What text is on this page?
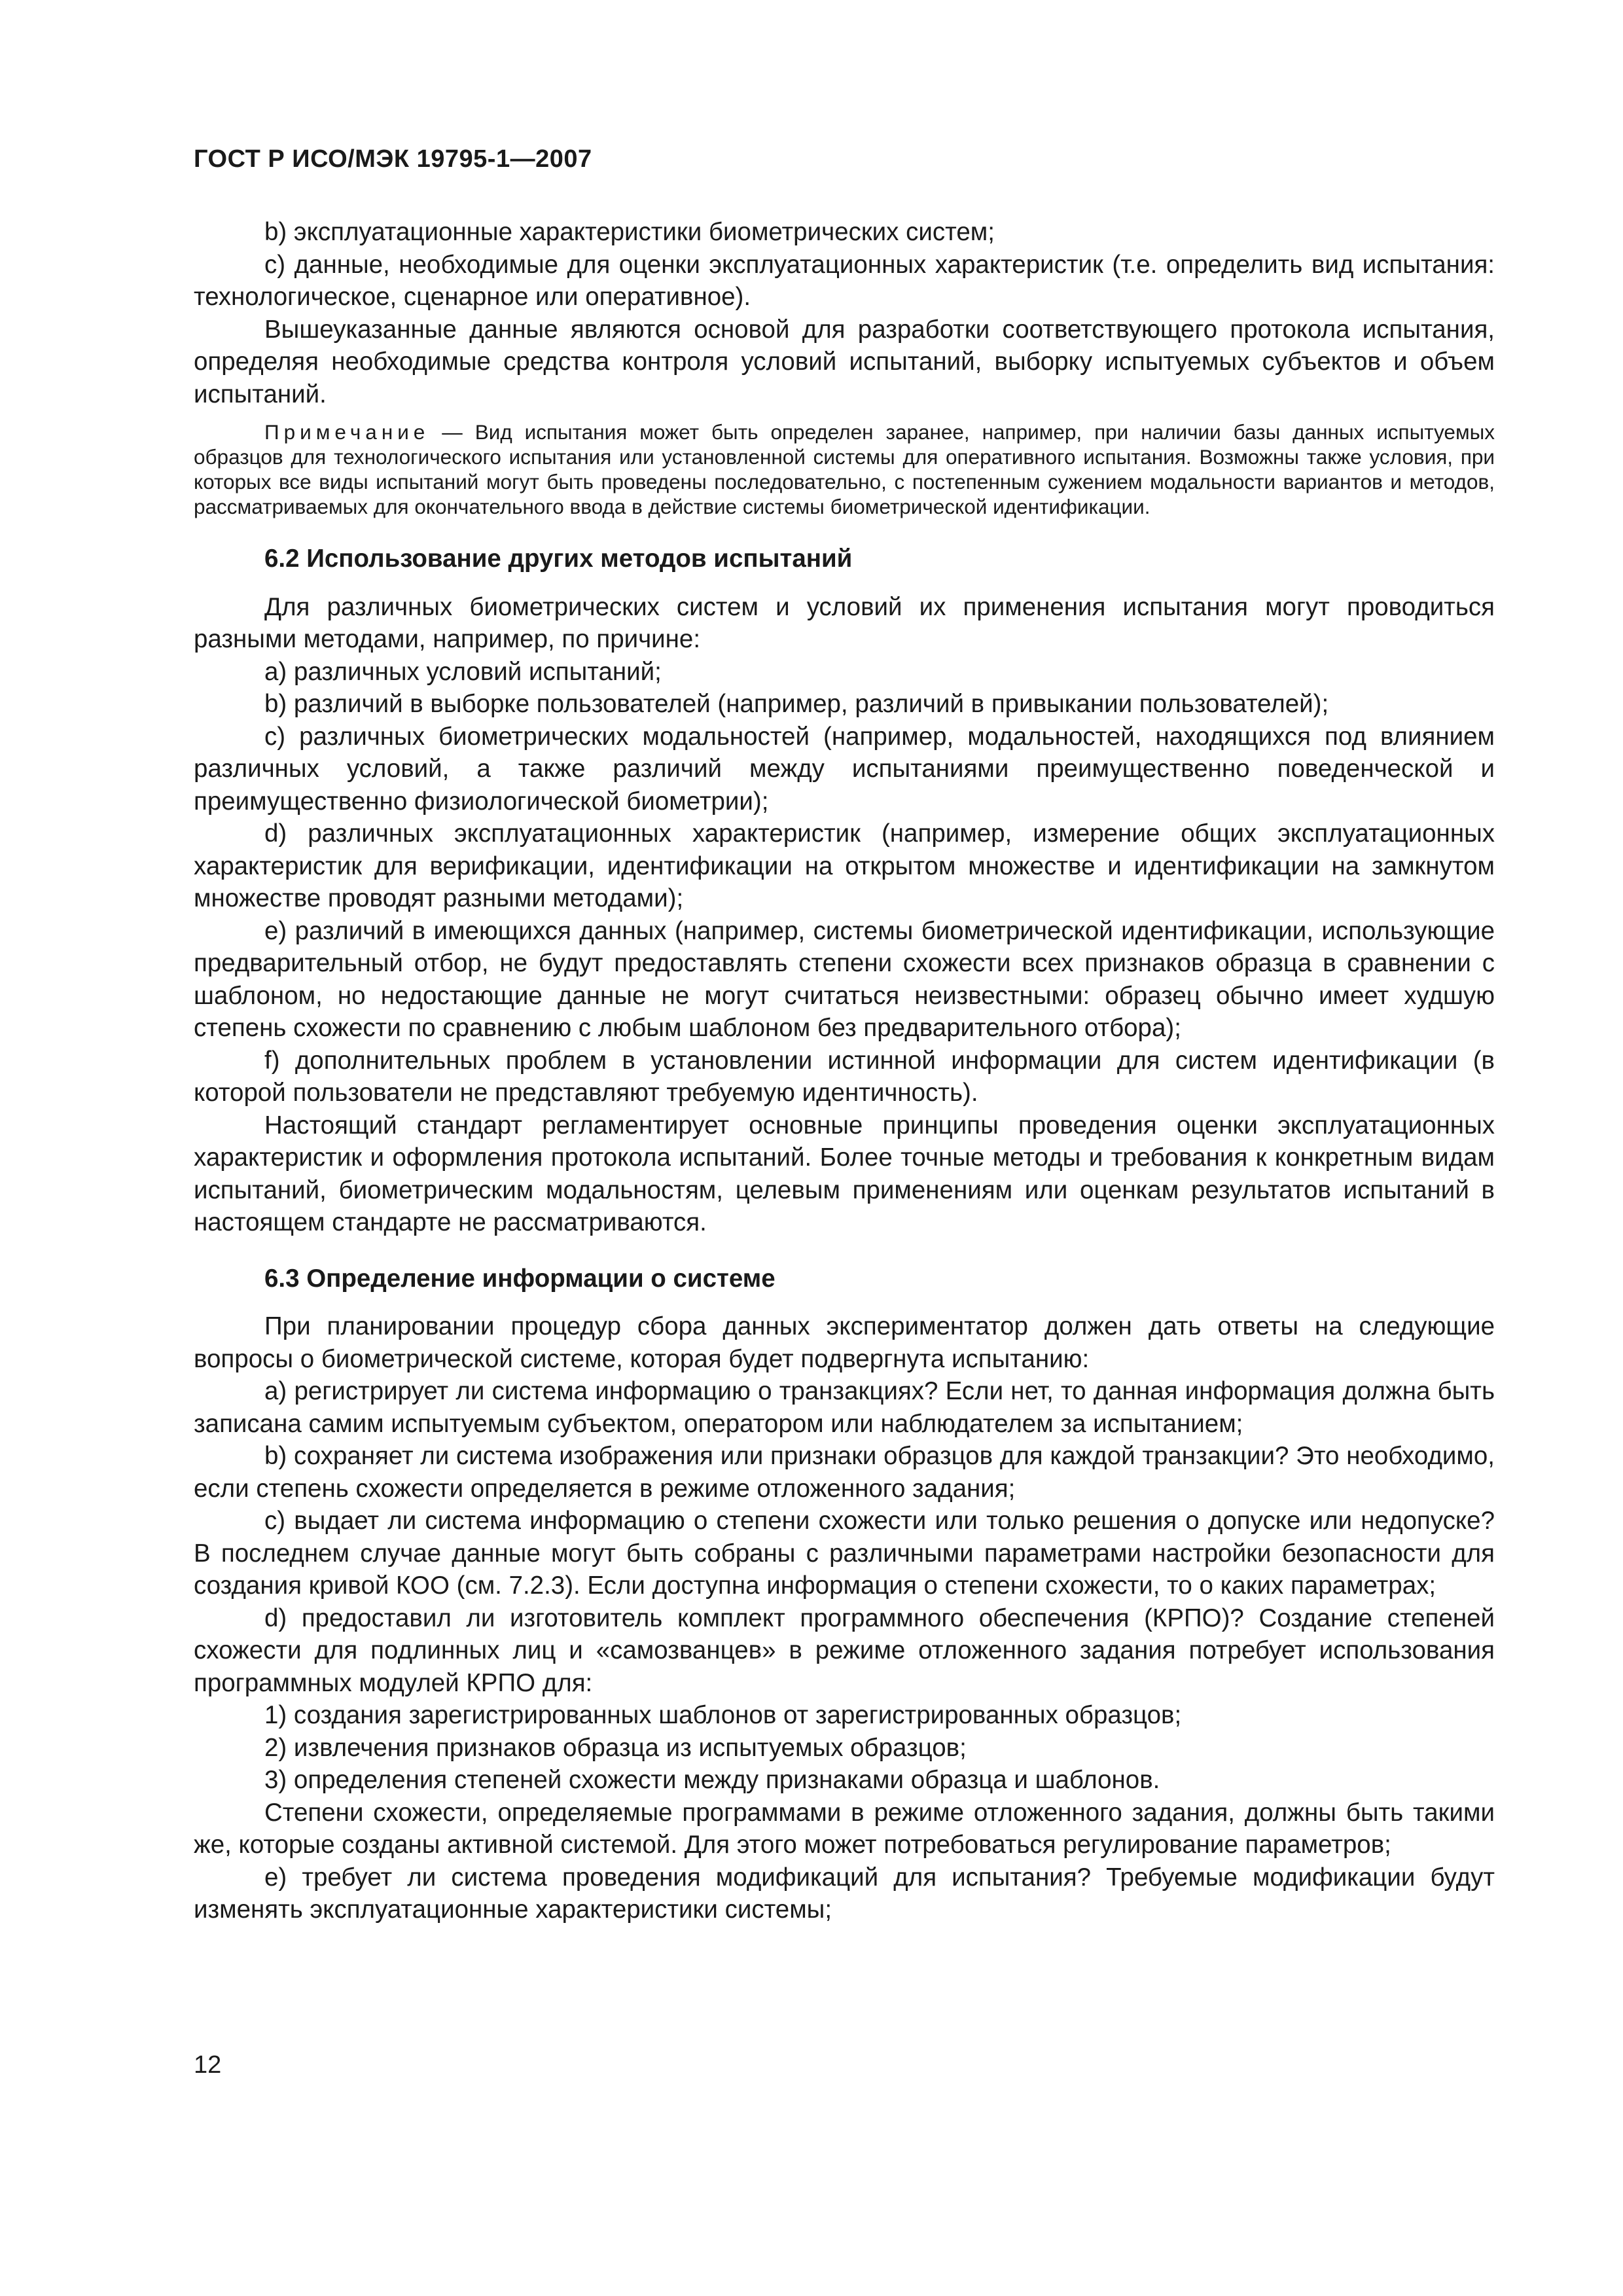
ГОСТ Р ИСО/МЭК 19795-1—2007

b) эксплуатационные характеристики биометрических систем;

с) данные, необходимые для оценки эксплуатационных характеристик (т.е. определить вид испытания: технологическое, сценарное или оперативное).

Вышеуказанные данные являются основой для разработки соответствующего протокола испытания, определяя необходимые средства контроля условий испытаний, выборку испытуемых субъектов и объем испытаний.

Примечание — Вид испытания может быть определен заранее, например, при наличии базы данных испытуемых образцов для технологического испытания или установленной системы для оперативного испытания. Возможны также условия, при которых все виды испытаний могут быть проведены последовательно, с постепенным сужением модальности вариантов и методов, рассматриваемых для окончательного ввода в действие системы биометрической идентификации.

6.2 Использование других методов испытаний

Для различных биометрических систем и условий их применения испытания могут проводиться разными методами, например, по причине:

а) различных условий испытаний;

b) различий в выборке пользователей (например, различий в привыкании пользователей);

с) различных биометрических модальностей (например, модальностей, находящихся под влиянием различных условий, а также различий между испытаниями преимущественно поведенческой и преимущественно физиологической биометрии);

d) различных эксплуатационных характеристик (например, измерение общих эксплуатационных характеристик для верификации, идентификации на открытом множестве и идентификации на замкнутом множестве проводят разными методами);

е) различий в имеющихся данных (например, системы биометрической идентификации, использующие предварительный отбор, не будут предоставлять степени схожести всех признаков образца в сравнении с шаблоном, но недостающие данные не могут считаться неизвестными: образец обычно имеет худшую степень схожести по сравнению с любым шаблоном без предварительного отбора);

f) дополнительных проблем в установлении истинной информации для систем идентификации (в которой пользователи не представляют требуемую идентичность).

Настоящий стандарт регламентирует основные принципы проведения оценки эксплуатационных характеристик и оформления протокола испытаний. Более точные методы и требования к конкретным видам испытаний, биометрическим модальностям, целевым применениям или оценкам результатов испытаний в настоящем стандарте не рассматриваются.

6.3 Определение информации о системе

При планировании процедур сбора данных экспериментатор должен дать ответы на следующие вопросы о биометрической системе, которая будет подвергнута испытанию:

а) регистрирует ли система информацию о транзакциях? Если нет, то данная информация должна быть записана самим испытуемым субъектом, оператором или наблюдателем за испытанием;

b) сохраняет ли система изображения или признаки образцов для каждой транзакции? Это необходимо, если степень схожести определяется в режиме отложенного задания;

с) выдает ли система информацию о степени схожести или только решения о допуске или недопуске? В последнем случае данные могут быть собраны с различными параметрами настройки безопасности для создания кривой КОО (см. 7.2.3). Если доступна информация о степени схожести, то о каких параметрах;

d) предоставил ли изготовитель комплект программного обеспечения (КРПО)? Создание степеней схожести для подлинных лиц и «самозванцев» в режиме отложенного задания потребует использования программных модулей КРПО для:

1) создания зарегистрированных шаблонов от зарегистрированных образцов;

2) извлечения признаков образца из испытуемых образцов;

3) определения степеней схожести между признаками образца и шаблонов.

Степени схожести, определяемые программами в режиме отложенного задания, должны быть такими же, которые созданы активной системой. Для этого может потребоваться регулирование параметров;

е) требует ли система проведения модификаций для испытания? Требуемые модификации будут изменять эксплуатационные характеристики системы;

12
